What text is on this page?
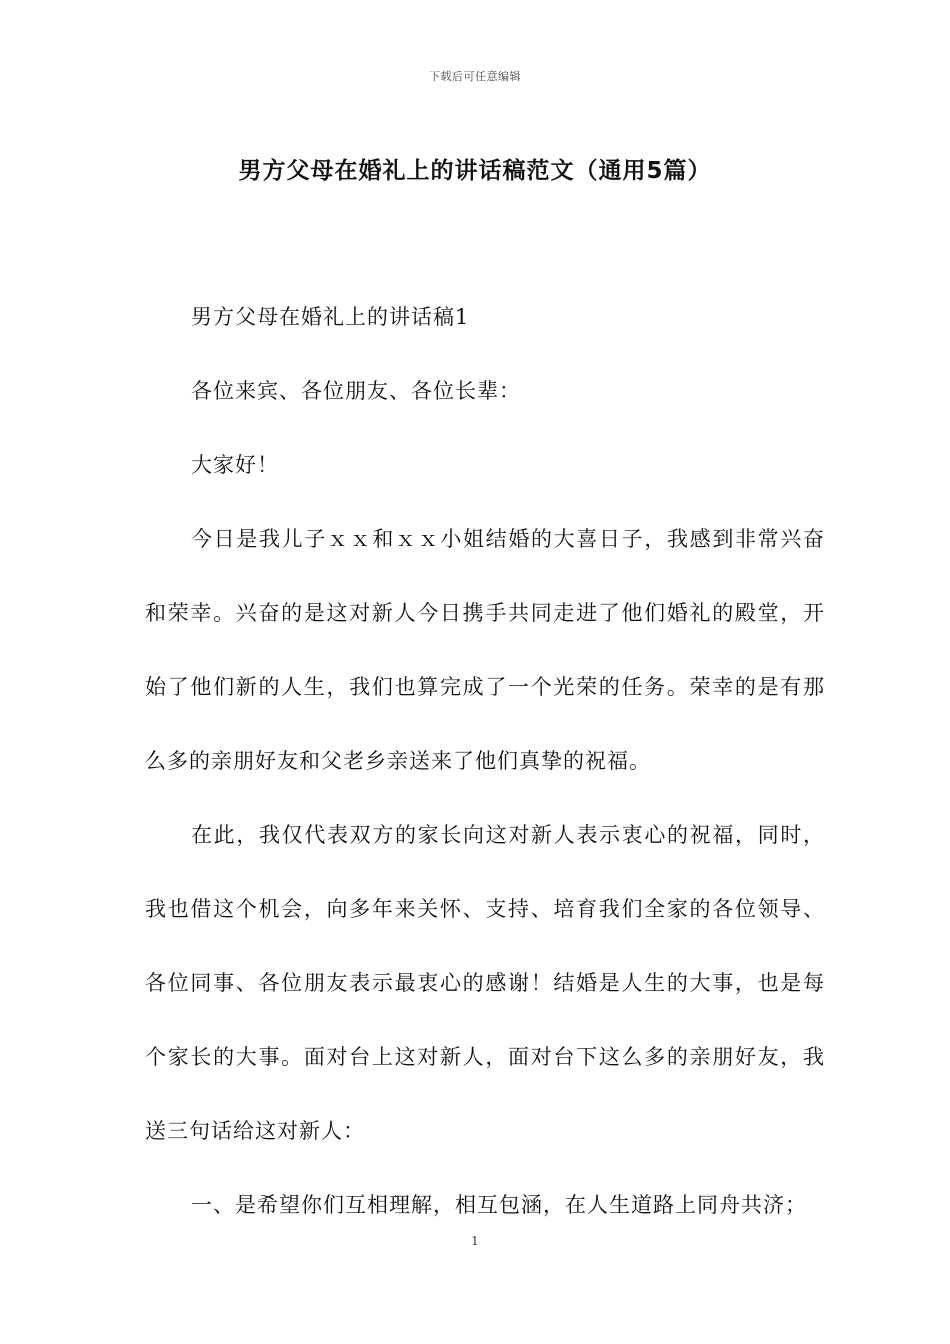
下载后可任意编辑
男方父母在婚礼上的讲话稿范文（通用5篇）

男方父母在婚礼上的讲话稿1

各位来宾、各位朋友、各位长辈：

大家好！

今日是我儿子ｘｘ和ｘｘ小姐结婚的大喜日子，我感到非常兴奋和荣幸。兴奋的是这对新人今日携手共同走进了他们婚礼的殿堂，开始了他们新的人生，我们也算完成了一个光荣的任务。荣幸的是有那么多的亲朋好友和父老乡亲送来了他们真挚的祝福。

在此，我仅代表双方的家长向这对新人表示衷心的祝福，同时，我也借这个机会，向多年来关怀、支持、培育我们全家的各位领导、各位同事、各位朋友表示最衷心的感谢！结婚是人生的大事，也是每个家长的大事。面对台上这对新人，面对台下这么多的亲朋好友，我送三句话给这对新人：

一、是希望你们互相理解，相互包涵，在人生道路上同舟共济；

1
